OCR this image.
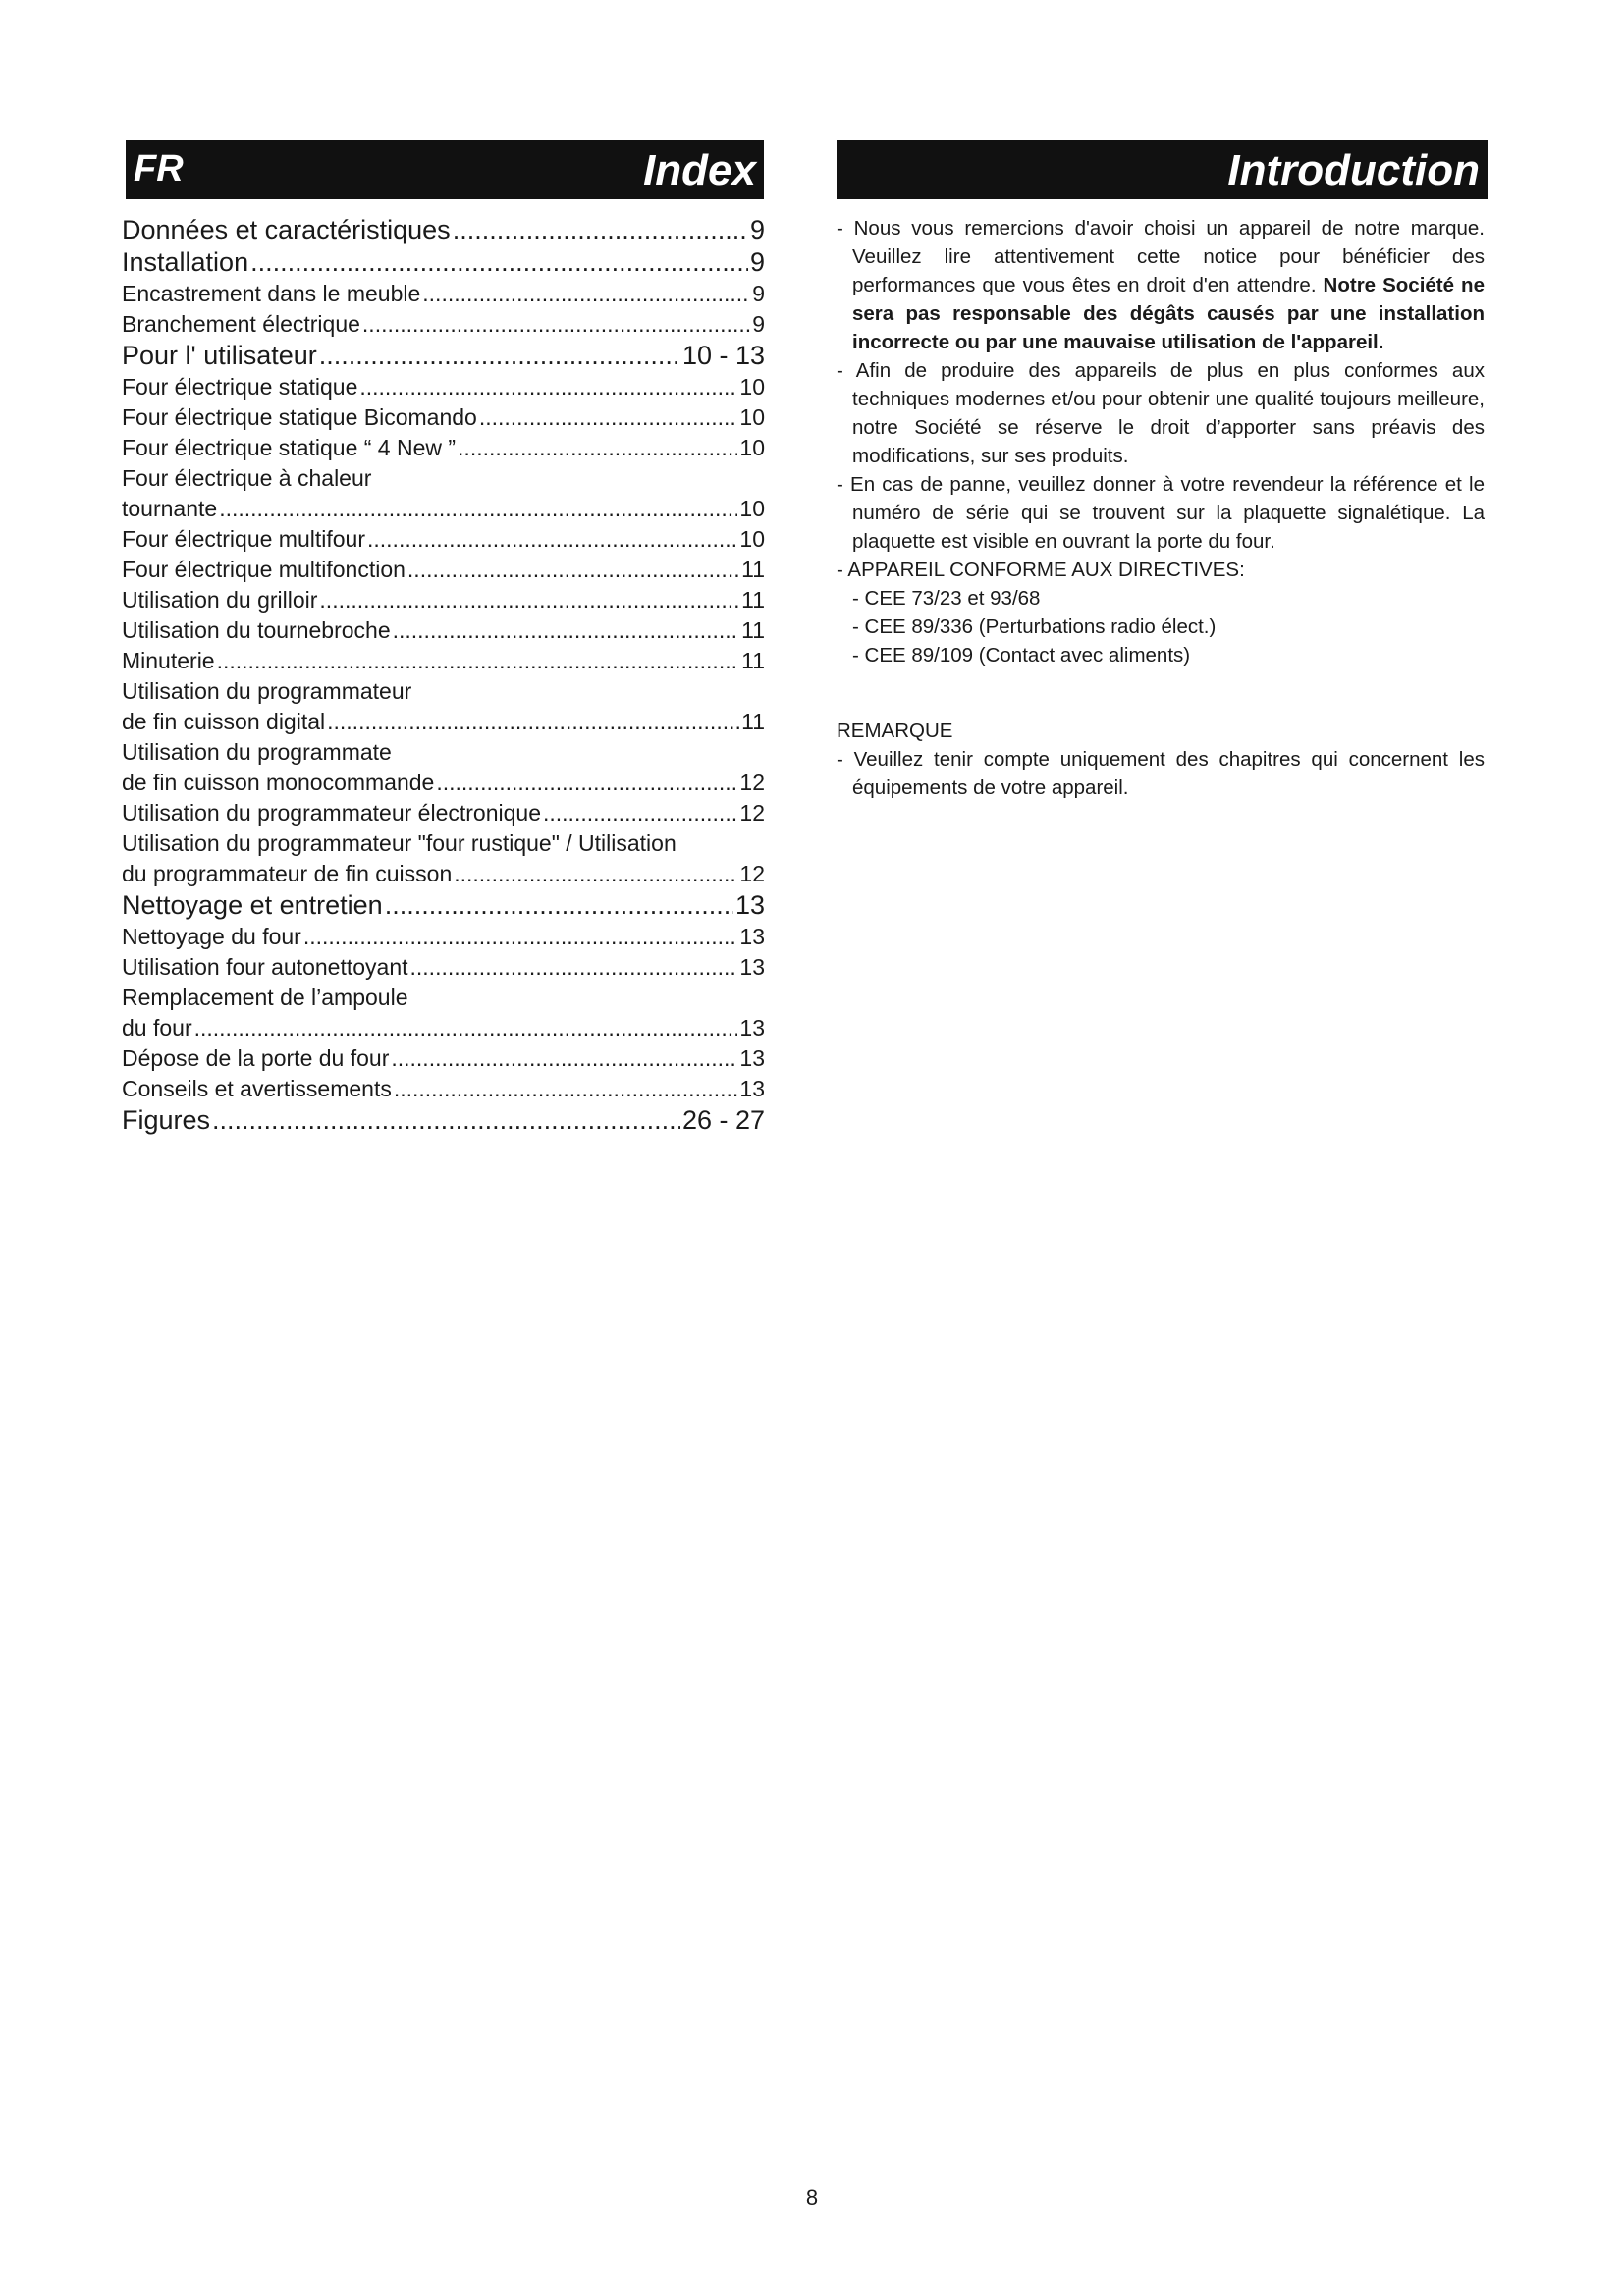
FR	Index	Introduction
Données et caractéristiques .....	9
Installation .....	9
Encastrement dans le meuble .....	9
Branchement électrique .....	9
Pour l' utilisateur .....	10 - 13
Four électrique statique .....	10
Four électrique statique Bicomando .....	10
Four électrique statique “ 4 New ” .....	10
Four électrique à chaleur
tournante .....	10
Four électrique multifour .....	10
Four électrique multifonction .....	11
Utilisation du grilloir .....	11
Utilisation du tournebroche .....	11
Minuterie .....	11
Utilisation du programmateur
de fin cuisson digital .....	11
Utilisation du programmate
de fin cuisson monocommande .....	12
Utilisation du programmateur électronique .....	12
Utilisation du programmateur "four rustique" / Utilisation
du programmateur de fin cuisson .....	12
Nettoyage et entretien .....	13
Nettoyage du four .....	13
Utilisation four autonettoyant .....	13
Remplacement de l’ampoule
du four .....	13
Dépose de la porte du four .....	13
Conseils et avertissements .....	13
Figures .....	26 - 27

- Nous vous remercions d'avoir choisi un appareil de notre marque. Veuillez lire attentivement cette notice pour bénéficier des performances que vous êtes en droit d'en attendre. Notre Société ne sera pas responsable des dégâts causés par une installation incorrecte ou par une mauvaise utilisation de l'appareil.

- Afin de produire des appareils de plus en plus conformes aux techniques modernes et/ou pour obtenir une qualité toujours meilleure, notre Société se réserve le droit d’apporter sans préavis des modifications, sur ses produits.

- En cas de panne, veuillez donner à votre revendeur la référence et le numéro de série qui se trouvent sur la plaquette signalétique. La plaquette est visible en ouvrant la porte du four.

- APPAREIL CONFORME AUX DIRECTIVES:

- CEE 73/23 et 93/68

- CEE 89/336 (Perturbations radio élect.)

- CEE 89/109 (Contact avec aliments)

REMARQUE

- Veuillez tenir compte uniquement des chapitres qui concernent les équipements de votre appareil.

8
